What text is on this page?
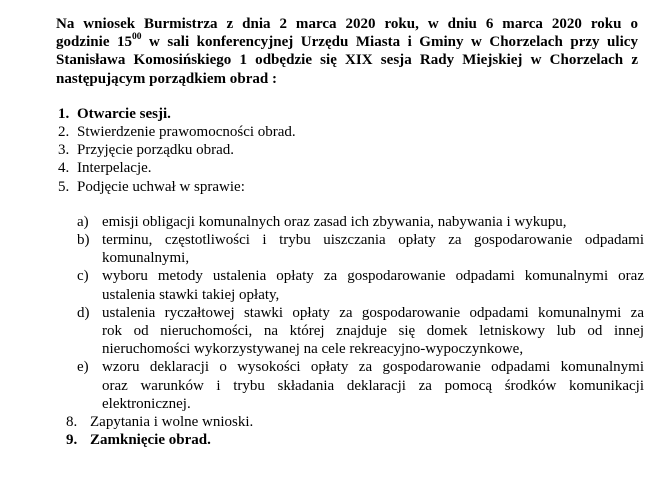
Na wniosek Burmistrza z dnia 2 marca 2020 roku, w dniu 6 marca 2020 roku o
godzinie $15^{00}$ w sali konferencyjnej Urzędu Miasta i Gminy w Chorzelach przy ulicy
Stanisława Komosińskiego 1 odbędzie się XIX sesja Rady Miejskiej w Chorzelach z
następującym porządkiem obrad :
1. Otwarcie sesji.
2. Stwierdzenie prawomocności obrad.
3. Przyjęcie porządku obrad.
4. Interpelacje.
5. Podjęcie uchwał w sprawie:
a) emisji obligacji komunalnych oraz zasad ich zbywania, nabywania i wykupu,
b) terminu, częstotliwości i trybu uiszczania opłaty za gospodarowanie odpadami
komunalnymi,
c) wyboru metody ustalenia opłaty za gospodarowanie odpadami komunalnymi oraz
ustalenia stawki takiej opłaty,
d) ustalenia ryczałtowej stawki opłaty za gospodarowanie odpadami komunalnymi za
rok od nieruchomości, na której znajduje się domek letniskowy lub od innej
nieruchomości wykorzystywanej na cele rekreacyjno-wypoczynkowe,
e) wzoru deklaracji o wysokości opłaty za gospodarowanie odpadami komunalnymi
oraz warunków i trybu składania deklaracji za pomocą środków komunikacji
elektronicznej.
8. Zapytania i wolne wnioski.
9. Zamknięcie obrad.
